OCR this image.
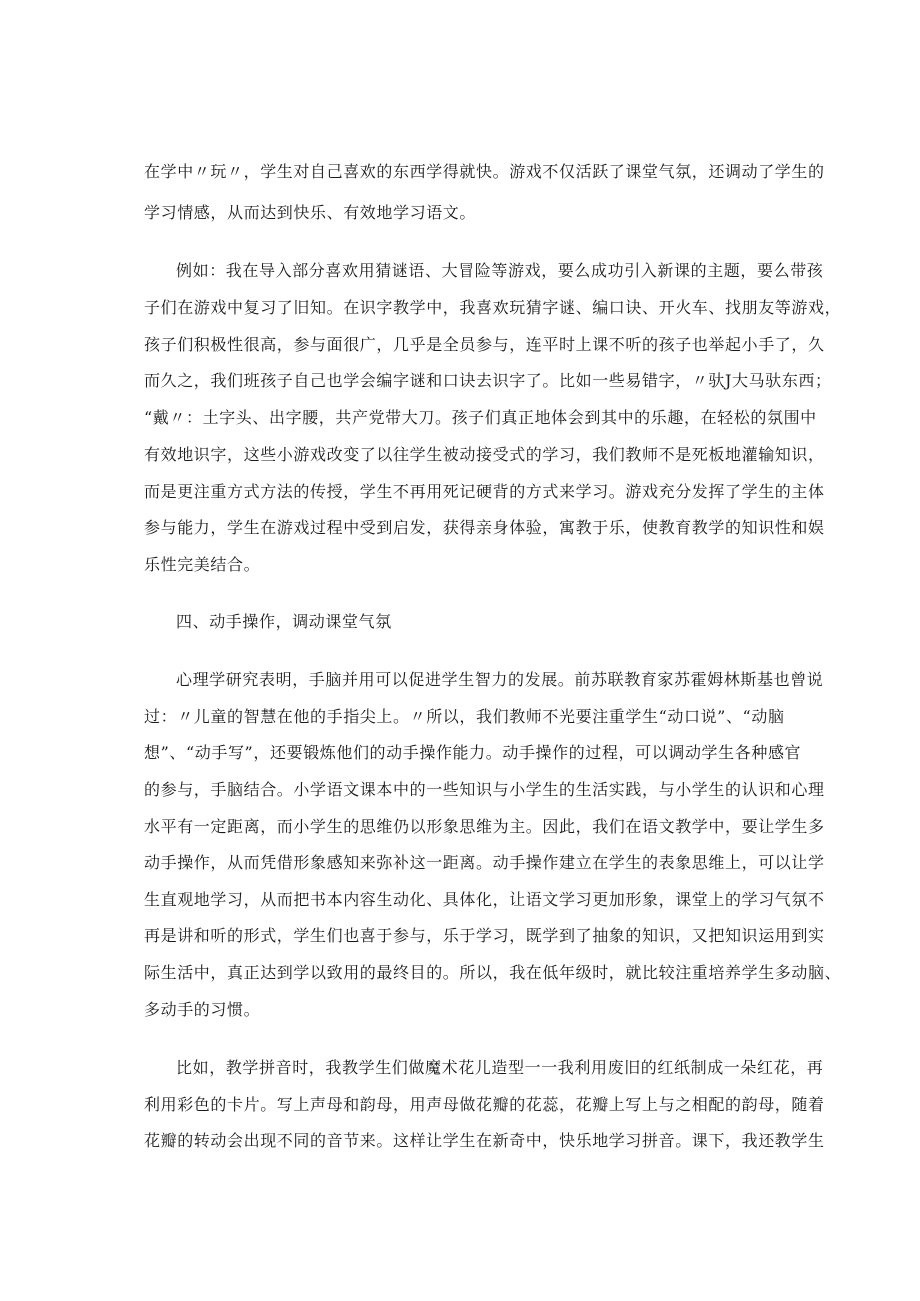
在学中〃玩〃，学生对自己喜欢的东西学得就快。游戏不仅活跃了课堂气氛，还调动了学生的
学习情感，从而达到快乐、有效地学习语文。
例如：我在导入部分喜欢用猜谜语、大冒险等游戏，要么成功引入新课的主题，要么带孩
子们在游戏中复习了旧知。在识字教学中，我喜欢玩猜字谜、编口诀、开火车、找朋友等游戏，
孩子们积极性很高，参与面很广，几乎是全员参与，连平时上课不听的孩子也举起小手了，久
而久之，我们班孩子自己也学会编字谜和口诀去识字了。比如一些易错字，〃驮J大马驮东西；
“戴〃：土字头、出字腰，共产党带大刀。孩子们真正地体会到其中的乐趣，在轻松的氛围中
有效地识字，这些小游戏改变了以往学生被动接受式的学习，我们教师不是死板地灌输知识，
而是更注重方式方法的传授，学生不再用死记硬背的方式来学习。游戏充分发挥了学生的主体
参与能力，学生在游戏过程中受到启发，获得亲身体验，寓教于乐，使教育教学的知识性和娱
乐性完美结合。
四、动手操作，调动课堂气氛
心理学研究表明，手脑并用可以促进学生智力的发展。前苏联教育家苏霍姆林斯基也曾说
过：〃儿童的智慧在他的手指尖上。〃所以，我们教师不光要注重学生“动口说”、“动脑
想”、“动手写”，还要锻炼他们的动手操作能力。动手操作的过程，可以调动学生各种感官
的参与，手脑结合。小学语文课本中的一些知识与小学生的生活实践，与小学生的认识和心理
水平有一定距离，而小学生的思维仍以形象思维为主。因此，我们在语文教学中，要让学生多
动手操作，从而凭借形象感知来弥补这一距离。动手操作建立在学生的表象思维上，可以让学
生直观地学习，从而把书本内容生动化、具体化，让语文学习更加形象，课堂上的学习气氛不
再是讲和听的形式，学生们也喜于参与，乐于学习，既学到了抽象的知识，又把知识运用到实
际生活中，真正达到学以致用的最终目的。所以，我在低年级时，就比较注重培养学生多动脑、
多动手的习惯。
比如，教学拼音时，我教学生们做魔术花儿造型一一我利用废旧的红纸制成一朵红花，再
利用彩色的卡片。写上声母和韵母，用声母做花瓣的花蕊，花瓣上写上与之相配的韵母，随着
花瓣的转动会出现不同的音节来。这样让学生在新奇中，快乐地学习拼音。课下，我还教学生
